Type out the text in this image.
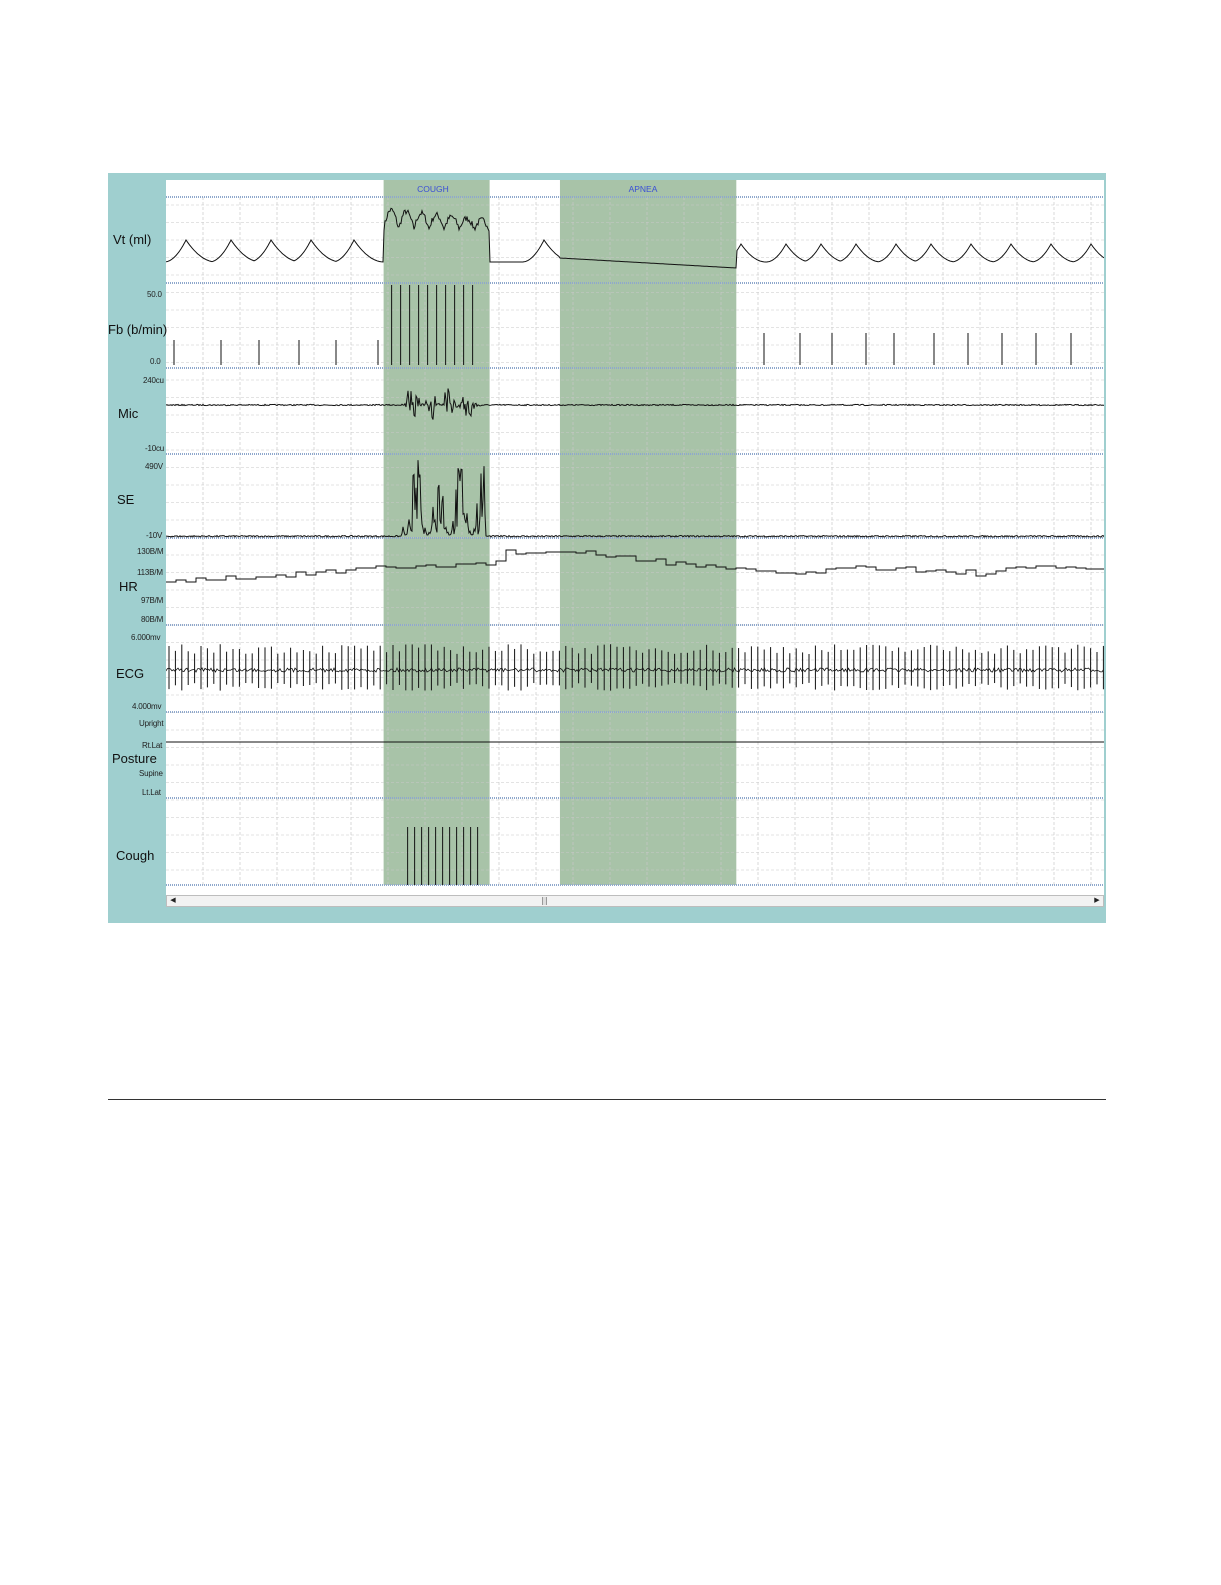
COUGH	APNEA
Vt (ml)
Fb (b/min)
Mic
SE
HR
ECG
Posture
Cough
50.0
0.0
240cu
-10cu
490V
-10V
130B/M
113B/M
97B/M
80B/M
6.000mv
4.000mv
Upright
Rt.Lat
Supine
Lt.Lat
◀	▶
